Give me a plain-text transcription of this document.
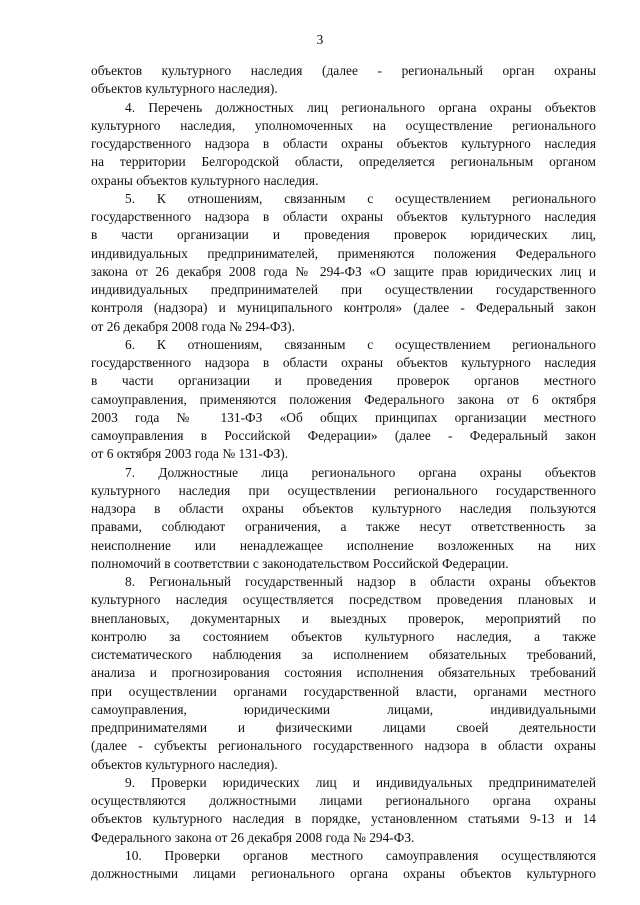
3
объектов культурного наследия (далее - региональный орган охраны
объектов культурного наследия).
4. Перечень должностных лиц регионального органа охраны объектов
культурного наследия, уполномоченных на осуществление регионального
государственного надзора в области охраны объектов культурного наследия
на территории Белгородской области, определяется региональным органом
охраны объектов культурного наследия.
5. К отношениям, связанным с осуществлением регионального
государственного надзора в области охраны объектов культурного наследия
в части организации и проведения проверок юридических лиц,
индивидуальных предпринимателей, применяются положения Федерального
закона от 26 декабря 2008 года № 294-ФЗ «О защите прав юридических лиц и
индивидуальных предпринимателей при осуществлении государственного
контроля (надзора) и муниципального контроля» (далее - Федеральный закон
от 26 декабря 2008 года № 294-ФЗ).
6. К отношениям, связанным с осуществлением регионального
государственного надзора в области охраны объектов культурного наследия
в части организации и проведения проверок органов местного
самоуправления, применяются положения Федерального закона от 6 октября
2003 года № 131-ФЗ «Об общих принципах организации местного
самоуправления в Российской Федерации» (далее - Федеральный закон
от 6 октября 2003 года № 131-ФЗ).
7. Должностные лица регионального органа охраны объектов
культурного наследия при осуществлении регионального государственного
надзора в области охраны объектов культурного наследия пользуются
правами, соблюдают ограничения, а также несут ответственность за
неисполнение или ненадлежащее исполнение возложенных на них
полномочий в соответствии с законодательством Российской Федерации.
8. Региональный государственный надзор в области охраны объектов
культурного наследия осуществляется посредством проведения плановых и
внеплановых, документарных и выездных проверок, мероприятий по
контролю за состоянием объектов культурного наследия, а также
систематического наблюдения за исполнением обязательных требований,
анализа и прогнозирования состояния исполнения обязательных требований
при осуществлении органами государственной власти, органами местного
самоуправления, юридическими лицами, индивидуальными
предпринимателями и физическими лицами своей деятельности
(далее - субъекты регионального государственного надзора в области охраны
объектов культурного наследия).
9. Проверки юридических лиц и индивидуальных предпринимателей
осуществляются должностными лицами регионального органа охраны
объектов культурного наследия в порядке, установленном статьями 9-13 и 14
Федерального закона от 26 декабря 2008 года № 294-ФЗ.
10. Проверки органов местного самоуправления осуществляются
должностными лицами регионального органа охраны объектов культурного
